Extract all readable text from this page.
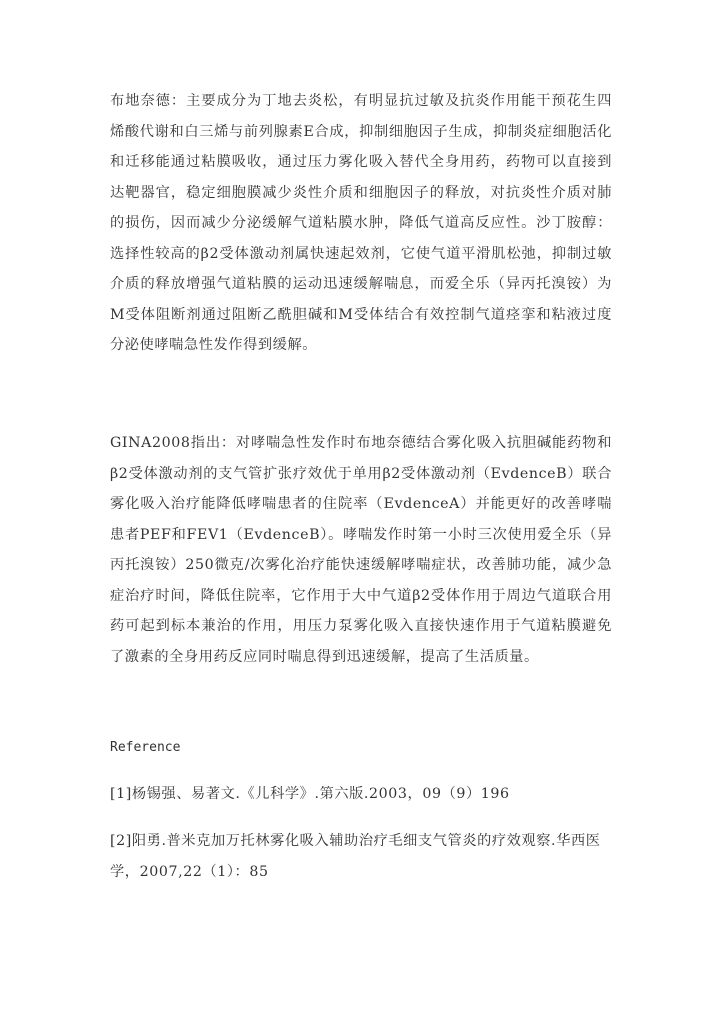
布地奈德：主要成分为丁地去炎松，有明显抗过敏及抗炎作用能干预花生四烯酸代谢和白三烯与前列腺素E合成，抑制细胞因子生成，抑制炎症细胞活化和迁移能通过粘膜吸收，通过压力雾化吸入替代全身用药，药物可以直接到达靶器官，稳定细胞膜减少炎性介质和细胞因子的释放，对抗炎性介质对肺的损伤，因而减少分泌缓解气道粘膜水肿，降低气道高反应性。沙丁胺醇：选择性较高的β2受体激动剂属快速起效剂，它使气道平滑肌松弛，抑制过敏介质的释放增强气道粘膜的运动迅速缓解喘息，而爱全乐（异丙托溴铵）为M受体阻断剂通过阻断乙酰胆碱和M受体结合有效控制气道痉挛和粘液过度分泌使哮喘急性发作得到缓解。

GINA2008指出：对哮喘急性发作时布地奈德结合雾化吸入抗胆碱能药物和β2受体激动剂的支气管扩张疗效优于单用β2受体激动剂（EvdenceB）联合雾化吸入治疗能降低哮喘患者的住院率（EvdenceA）并能更好的改善哮喘患者PEF和FEV1（EvdenceB）。哮喘发作时第一小时三次使用爱全乐（异丙托溴铵）250微克/次雾化治疗能快速缓解哮喘症状，改善肺功能，减少急症治疗时间，降低住院率，它作用于大中气道β2受体作用于周边气道联合用药可起到标本兼治的作用，用压力泵雾化吸入直接快速作用于气道粘膜避免了激素的全身用药反应同时喘息得到迅速缓解，提高了生活质量。

Reference

[1]杨锡强、易著文.《儿科学》.第六版.2003，09（9）196

[2]阳勇.普米克加万托林雾化吸入辅助治疗毛细支气管炎的疗效观察.华西医学，2007,22（1）：85
